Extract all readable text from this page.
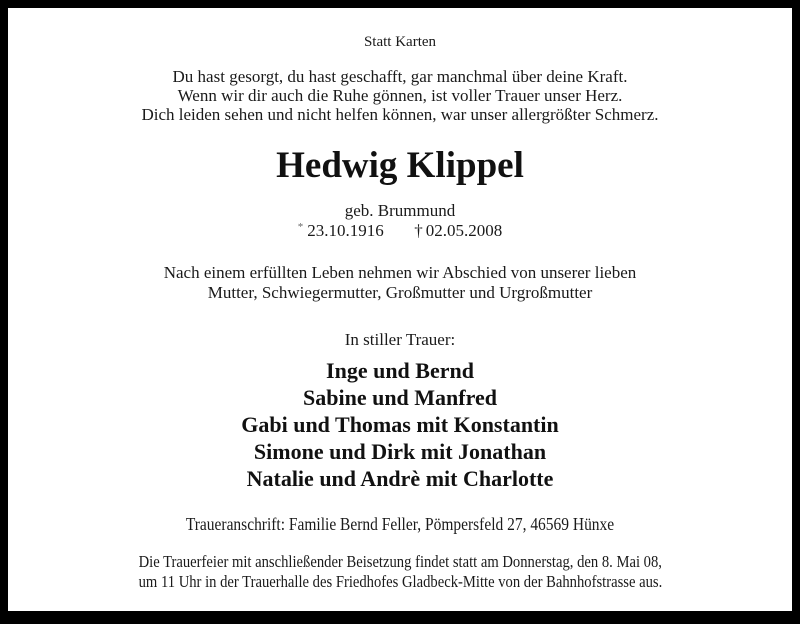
Statt Karten
Du hast gesorgt, du hast geschafft, gar manchmal über deine Kraft.
Wenn wir dir auch die Ruhe gönnen, ist voller Trauer unser Herz.
Dich leiden sehen und nicht helfen können, war unser allergrößter Schmerz.
Hedwig Klippel
geb. Brummund
* 23.10.1916 † 02.05.2008
Nach einem erfüllten Leben nehmen wir Abschied von unserer lieben
Mutter, Schwiegermutter, Großmutter und Urgroßmutter
In stiller Trauer:
Inge und Bernd
Sabine und Manfred
Gabi und Thomas mit Konstantin
Simone und Dirk mit Jonathan
Natalie und Andrè mit Charlotte
Traueranschrift: Familie Bernd Feller, Pömpersfeld 27, 46569 Hünxe
Die Trauerfeier mit anschließender Beisetzung findet statt am Donnerstag, den 8. Mai 08,
um 11 Uhr in der Trauerhalle des Friedhofes Gladbeck-Mitte von der Bahnhofstrasse aus.
